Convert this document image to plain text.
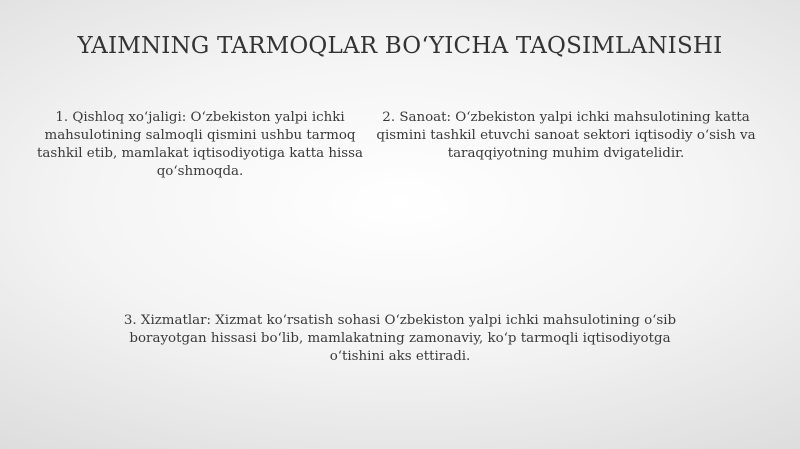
YAIMNING TARMOQLAR BO‘YICHA TAQSIMLANISHI
1. Qishloq xo‘jaligi: O‘zbekiston yalpi ichki mahsulotining salmoqli qismini ushbu tarmoq tashkil etib, mamlakat iqtisodiyotiga katta hissa qo‘shmoqda.
2. Sanoat: O‘zbekiston yalpi ichki mahsulotining katta qismini tashkil etuvchi sanoat sektori iqtisodiy o‘sish va taraqqiyotning muhim dvigatelidir.
3. Xizmatlar: Xizmat ko‘rsatish sohasi O‘zbekiston yalpi ichki mahsulotining o‘sib borayotgan hissasi bo‘lib, mamlakatning zamonaviy, ko‘p tarmoqli iqtisodiyotga o‘tishini aks ettiradi.
